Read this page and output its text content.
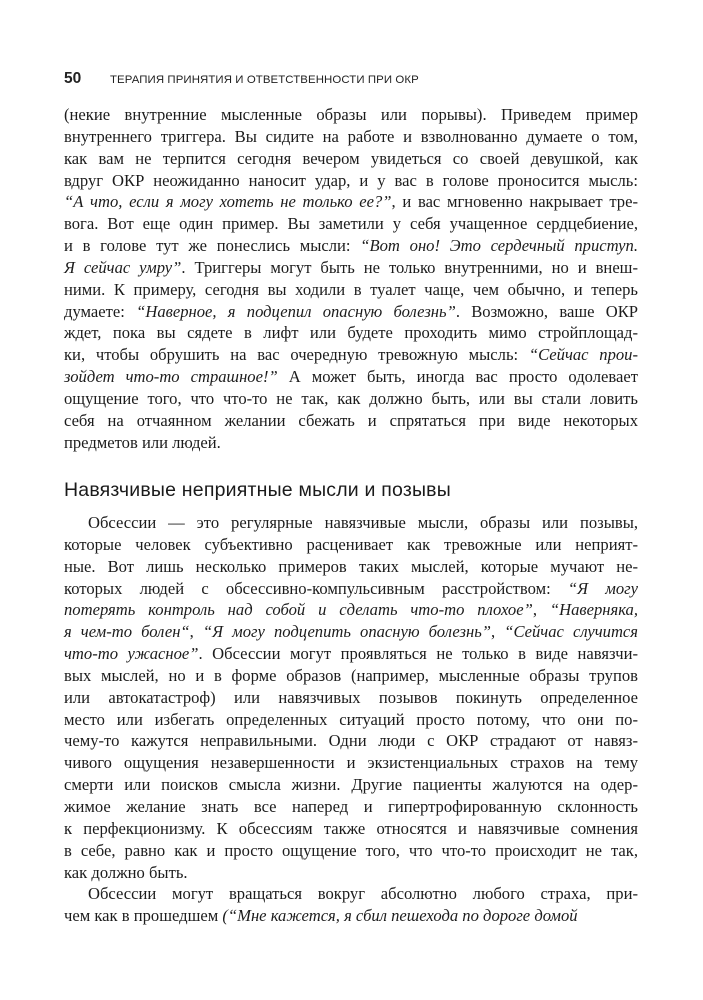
50	ТЕРАПИЯ ПРИНЯТИЯ И ОТВЕТСТВЕННОСТИ ПРИ ОКР
(некие внутренние мысленные образы или порывы). Приведем пример
внутреннего триггера. Вы сидите на работе и взволнованно думаете о том,
как вам не терпится сегодня вечером увидеться со своей девушкой, как
вдруг ОКР неожиданно наносит удар, и у вас в голове проносится мысль:
“А что, если я могу хотеть не только ее?”, и вас мгновенно накрывает тре-
вога. Вот еще один пример. Вы заметили у себя учащенное сердцебиение,
и в голове тут же понеслись мысли: “Вот оно! Это сердечный приступ.
Я сейчас умру”. Триггеры могут быть не только внутренними, но и внеш-
ними. К примеру, сегодня вы ходили в туалет чаще, чем обычно, и теперь
думаете: “Наверное, я подцепил опасную болезнь”. Возможно, ваше ОКР
ждет, пока вы сядете в лифт или будете проходить мимо стройплощад-
ки, чтобы обрушить на вас очередную тревожную мысль: “Сейчас прои-
зойдет что-то страшное!” А может быть, иногда вас просто одолевает
ощущение того, что что-то не так, как должно быть, или вы стали ловить
себя на отчаянном желании сбежать и спрятаться при виде некоторых
предметов или людей.
Навязчивые неприятные мысли и позывы
Обсессии — это регулярные навязчивые мысли, образы или позывы,
которые человек субъективно расценивает как тревожные или неприят-
ные. Вот лишь несколько примеров таких мыслей, которые мучают не-
которых людей с обсессивно-компульсивным расстройством: “Я могу
потерять контроль над собой и сделать что-то плохое”, “Наверняка,
я чем-то болен“, “Я могу подцепить опасную болезнь”, “Сейчас случится
что-то ужасное”. Обсессии могут проявляться не только в виде навязчи-
вых мыслей, но и в форме образов (например, мысленные образы трупов
или автокатастроф) или навязчивых позывов покинуть определенное
место или избегать определенных ситуаций просто потому, что они по-
чему-то кажутся неправильными. Одни люди с ОКР страдают от навяз-
чивого ощущения незавершенности и экзистенциальных страхов на тему
смерти или поисков смысла жизни. Другие пациенты жалуются на одер-
жимое желание знать все наперед и гипертрофированную склонность
к перфекционизму. К обсессиям также относятся и навязчивые сомнения
в себе, равно как и просто ощущение того, что что-то происходит не так,
как должно быть.
Обсессии могут вращаться вокруг абсолютно любого страха, при-
чем как в прошедшем (“Мне кажется, я сбил пешехода по дороге домой
